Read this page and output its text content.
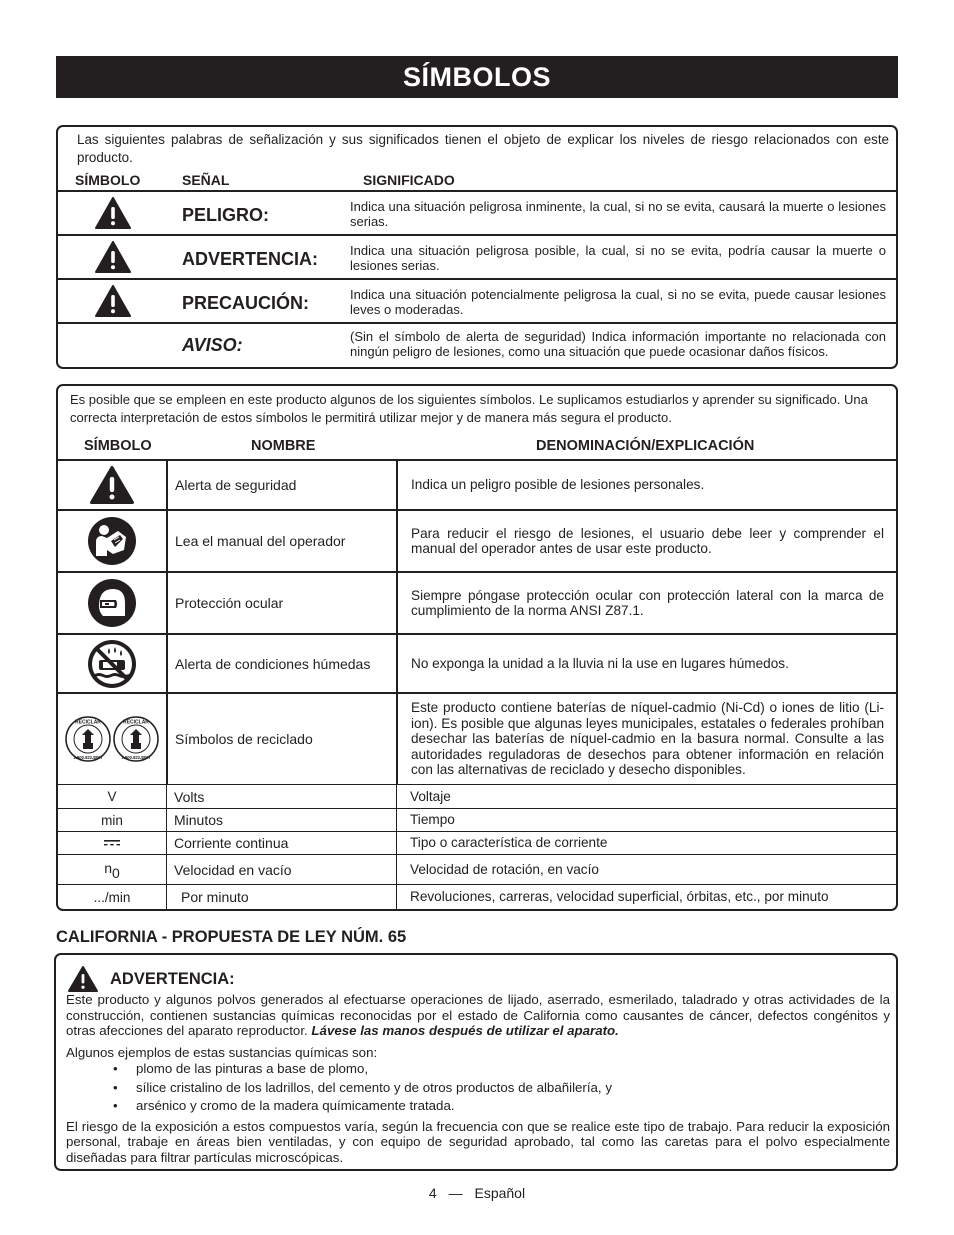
SÍMBOLOS
Las siguientes palabras de señalización y sus significados tienen el objeto de explicar los niveles de riesgo relacionados con este producto.
SÍMBOLO	SEÑAL	SIGNIFICADO
PELIGRO:	Indica una situación peligrosa inminente, la cual, si no se evita, causará la muerte o lesiones serias.
ADVERTENCIA: Indica una situación peligrosa posible, la cual, si no se evita, podría causar la muerte o lesiones serias.
PRECAUCIÓN:	Indica una situación potencialmente peligrosa la cual, si no se evita, puede causar lesiones leves o moderadas.
AVISO:	(Sin el símbolo de alerta de seguridad) Indica información importante no relacionada con ningún peligro de lesiones, como una situación que puede ocasionar daños físicos.
Es posible que se empleen en este producto algunos de los siguientes símbolos. Le suplicamos estudiarlos y aprender su significado. Una correcta interpretación de estos símbolos le permitirá utilizar mejor y de manera más segura el producto.
SÍMBOLO	NOMBRE	DENOMINACIÓN/EXPLICACIÓN
Alerta de seguridad	Indica un peligro posible de lesiones personales.
Lea el manual del operador	Para reducir el riesgo de lesiones, el usuario debe leer y comprender el manual del operador antes de usar este producto.
Protección ocular	Siempre póngase protección ocular con protección lateral con la marca de cumplimiento de la norma ANSI Z87.1.
Alerta de condiciones húmedas	No exponga la unidad a la lluvia ni la use en lugares húmedos.
RECICLAR
1.800.822.8837
RECICLAR
1.800.822.8837
Símbolos de reciclado
Este producto contiene baterías de níquel-cadmio (Ni-Cd) o iones de litio (Li-ion). Es posible que algunas leyes municipales, estatales o federales prohíban desechar las baterías de níquel-cadmio en la basura normal. Consulte a las autoridades reguladoras de desechos para obtener información en relación con las alternativas de reciclado y desecho disponibles.
V	Volts	Voltaje
min	Minutos	Tiempo
Corriente continua	Tipo o característica de corriente
n 0	Velocidad en vacío	Velocidad de rotación, en vacío
.../min	Por minuto	Revoluciones, carreras, velocidad superficial, órbitas, etc., por minuto
CALIFORNIA - PROPUESTA DE LEY NÚM. 65
ADVERTENCIA:

Este producto y algunos polvos generados al efectuarse operaciones de lijado, aserrado, esmerilado, taladrado y otras actividades de la construcción, contienen sustancias químicas reconocidas por el estado de California como causantes de cáncer, defectos congénitos y otras afecciones del aparato reproductor. Lávese las manos después de utilizar el aparato.

Algunos ejemplos de estas sustancias químicas son:

• plomo de las pinturas a base de plomo,
• sílice cristalino de los ladrillos, del cemento y de otros productos de albañilería, y
• arsénico y cromo de la madera químicamente tratada.

El riesgo de la exposición a estos compuestos varía, según la frecuencia con que se realice este tipo de trabajo. Para reducir la exposición personal, trabaje en áreas bien ventiladas, y con equipo de seguridad aprobado, tal como las caretas para el polvo especialmente diseñadas para filtrar partículas microscópicas.

4 — Español
